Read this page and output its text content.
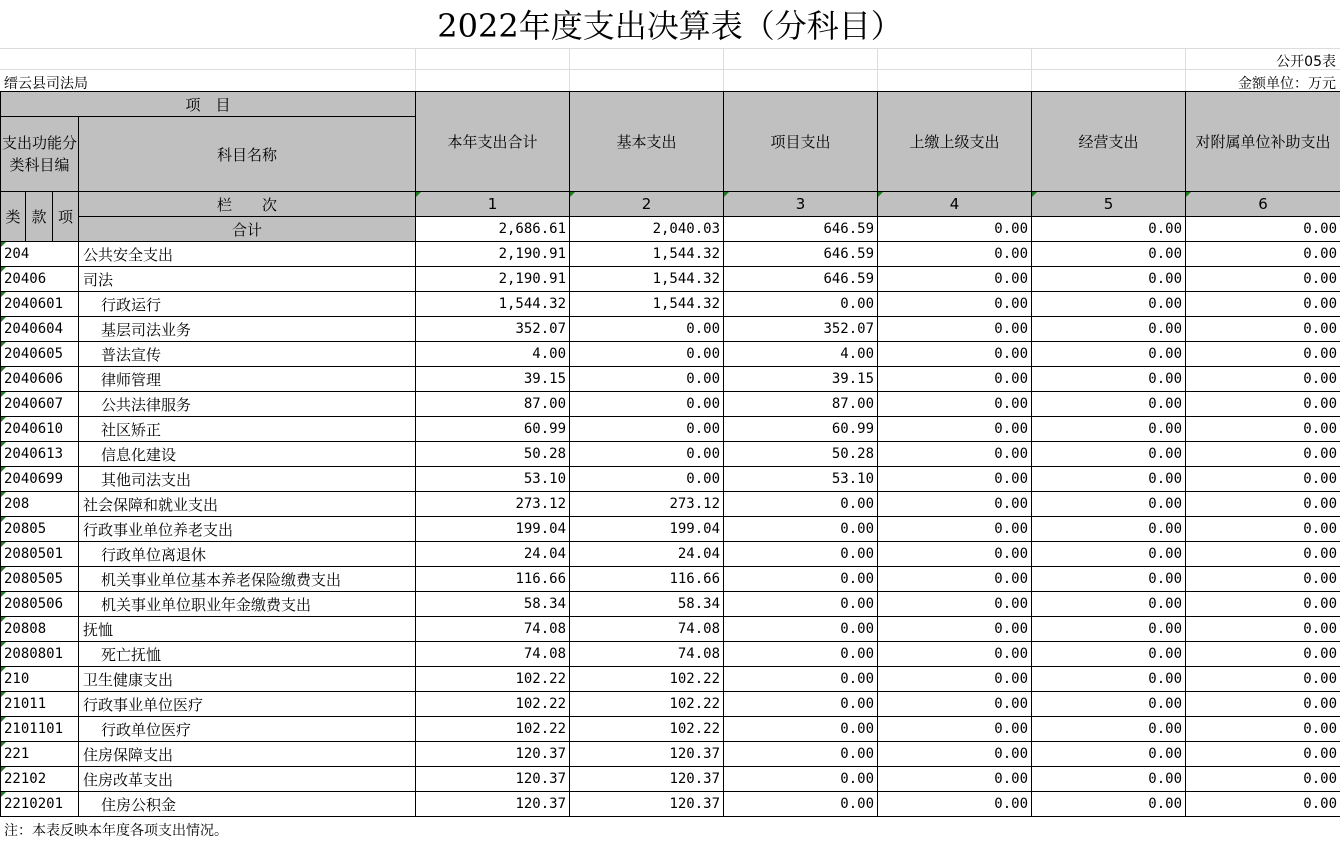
2022年度支出决算表（分科目）
公开05表
缙云县司法局	金额单位：万元
项　目				本年支出合计	基本支出	项目支出	上缴上级支出	经营支出	对附属单位补助支出
支出功能分类科目编			科目名称						
类	款	项	栏　　次	1	2	3	4	5	6
			合计	2,686.61	2,040.03	646.59	0.00	0.00	0.00
204			公共安全支出	2,190.91	1,544.32	646.59	0.00	0.00	0.00
20406			司法	2,190.91	1,544.32	646.59	0.00	0.00	0.00
2040601			行政运行	1,544.32	1,544.32	0.00	0.00	0.00	0.00
2040604			基层司法业务	352.07	0.00	352.07	0.00	0.00	0.00
2040605			普法宣传	4.00	0.00	4.00	0.00	0.00	0.00
2040606			律师管理	39.15	0.00	39.15	0.00	0.00	0.00
2040607			公共法律服务	87.00	0.00	87.00	0.00	0.00	0.00
2040610			社区矫正	60.99	0.00	60.99	0.00	0.00	0.00
2040613			信息化建设	50.28	0.00	50.28	0.00	0.00	0.00
2040699			其他司法支出	53.10	0.00	53.10	0.00	0.00	0.00
208			社会保障和就业支出	273.12	273.12	0.00	0.00	0.00	0.00
20805			行政事业单位养老支出	199.04	199.04	0.00	0.00	0.00	0.00
2080501			行政单位离退休	24.04	24.04	0.00	0.00	0.00	0.00
2080505			机关事业单位基本养老保险缴费支出	116.66	116.66	0.00	0.00	0.00	0.00
2080506			机关事业单位职业年金缴费支出	58.34	58.34	0.00	0.00	0.00	0.00
20808			抚恤	74.08	74.08	0.00	0.00	0.00	0.00
2080801			死亡抚恤	74.08	74.08	0.00	0.00	0.00	0.00
210			卫生健康支出	102.22	102.22	0.00	0.00	0.00	0.00
21011			行政事业单位医疗	102.22	102.22	0.00	0.00	0.00	0.00
2101101			行政单位医疗	102.22	102.22	0.00	0.00	0.00	0.00
221			住房保障支出	120.37	120.37	0.00	0.00	0.00	0.00
22102			住房改革支出	120.37	120.37	0.00	0.00	0.00	0.00
2210201			住房公积金	120.37	120.37	0.00	0.00	0.00	0.00
注：本表反映本年度各项支出情况。
